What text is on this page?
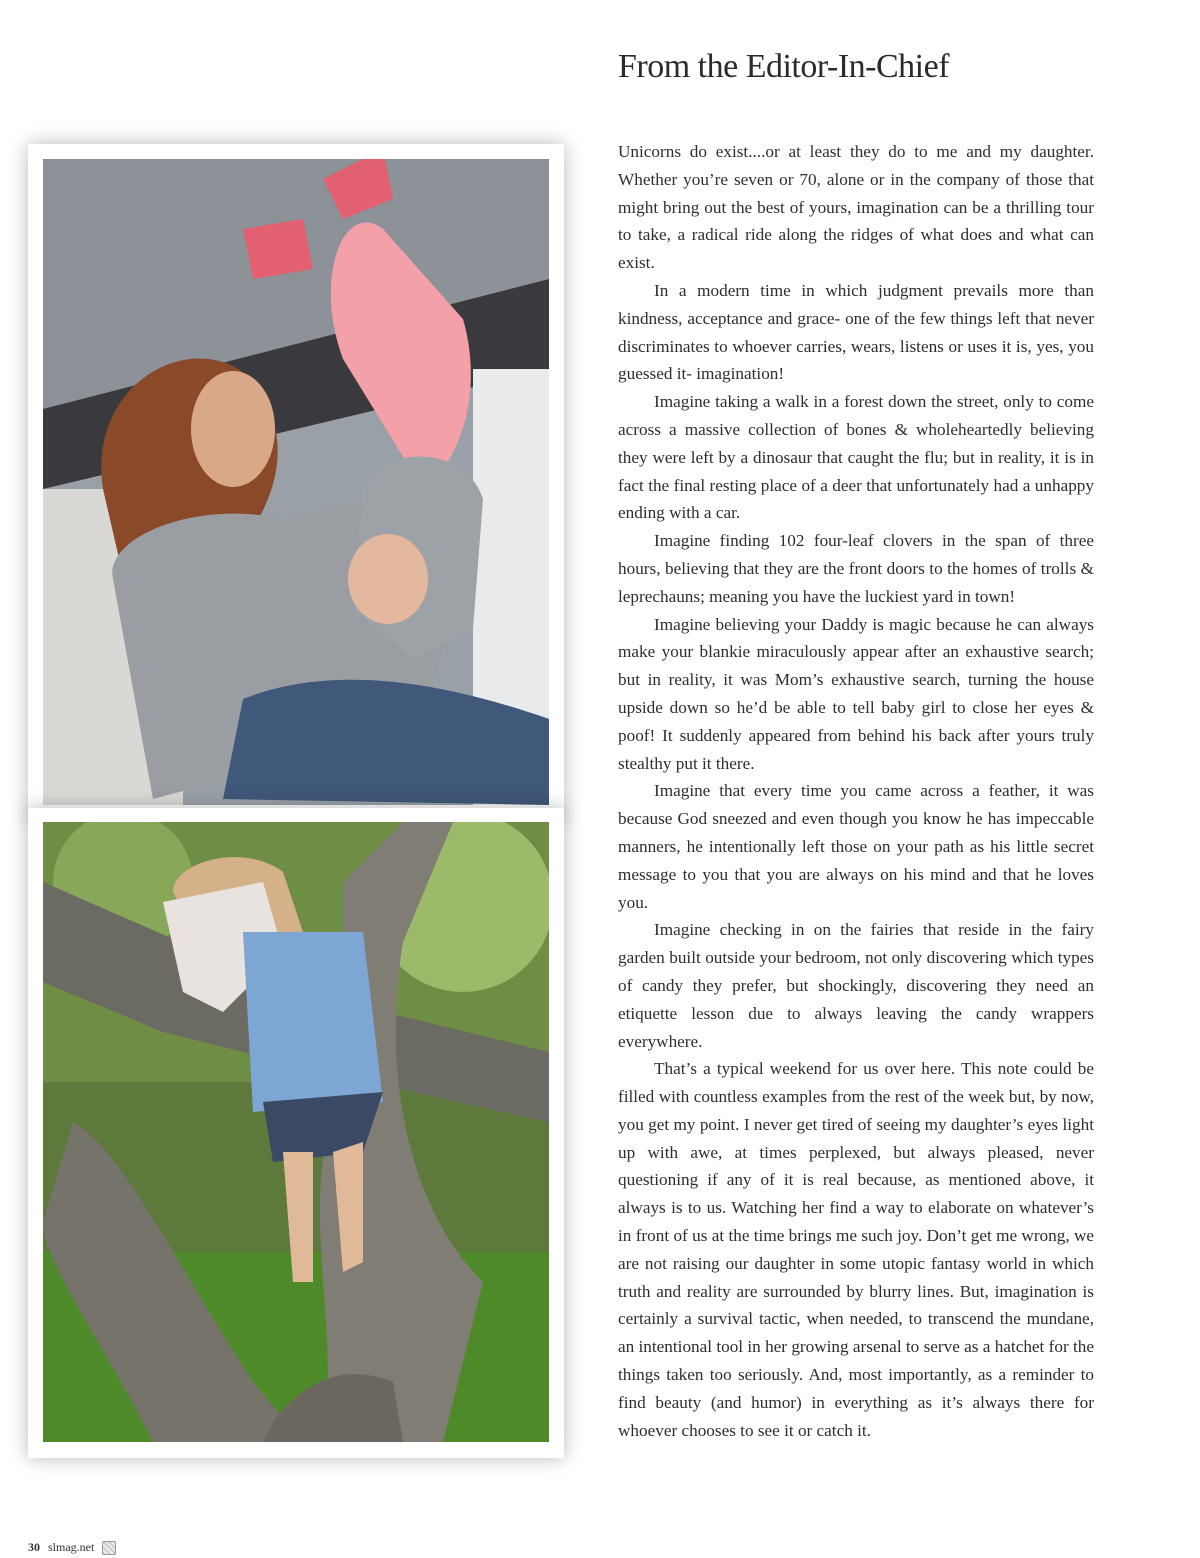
From the Editor-In-Chief

Unicorns do exist....or at least they do to me and my daughter. Whether you’re seven or 70, alone or in the company of those that might bring out the best of yours, imagination can be a thrilling tour to take, a radical ride along the ridges of what does and what can exist.

In a modern time in which judgment prevails more than kindness, acceptance and grace- one of the few things left that never discriminates to whoever carries, wears, listens or uses it is, yes, you guessed it- imagination!

Imagine taking a walk in a forest down the street, only to come across a massive collection of bones & wholeheartedly believing they were left by a dinosaur that caught the flu; but in reality, it is in fact the final resting place of a deer that unfortunately had a unhappy ending with a car.

Imagine finding 102 four-leaf clovers in the span of three hours, believing that they are the front doors to the homes of trolls & leprechauns; meaning you have the luckiest yard in town!

Imagine believing your Daddy is magic because he can always make your blankie miraculously appear after an exhaustive search; but in reality, it was Mom’s exhaustive search, turning the house upside down so he’d be able to tell baby girl to close her eyes & poof! It suddenly appeared from behind his back after yours truly stealthy put it there.

Imagine that every time you came across a feather, it was because God sneezed and even though you know he has impeccable manners, he intentionally left those on your path as his little secret message to you that you are always on his mind and that he loves you.

Imagine checking in on the fairies that reside in the fairy garden built outside your bedroom, not only discovering which types of candy they prefer, but shockingly, discovering they need an etiquette lesson due to always leaving the candy wrappers everywhere.

That’s a typical weekend for us over here. This note could be filled with countless examples from the rest of the week but, by now, you get my point. I never get tired of seeing my daughter’s eyes light up with awe, at times perplexed, but always pleased, never questioning if any of it is real because, as mentioned above, it always is to us. Watching her find a way to elaborate on whatever’s in front of us at the time brings me such joy. Don’t get me wrong, we are not raising our daughter in some utopic fantasy world in which truth and reality are surrounded by blurry lines. But, imagination is certainly a survival tactic, when needed, to transcend the mundane, an intentional tool in her growing arsenal to serve as a hatchet for the things taken too seriously. And, most importantly, as a reminder to find beauty (and humor) in everything as it’s always there for whoever chooses to see it or catch it.

30 slmag.net
